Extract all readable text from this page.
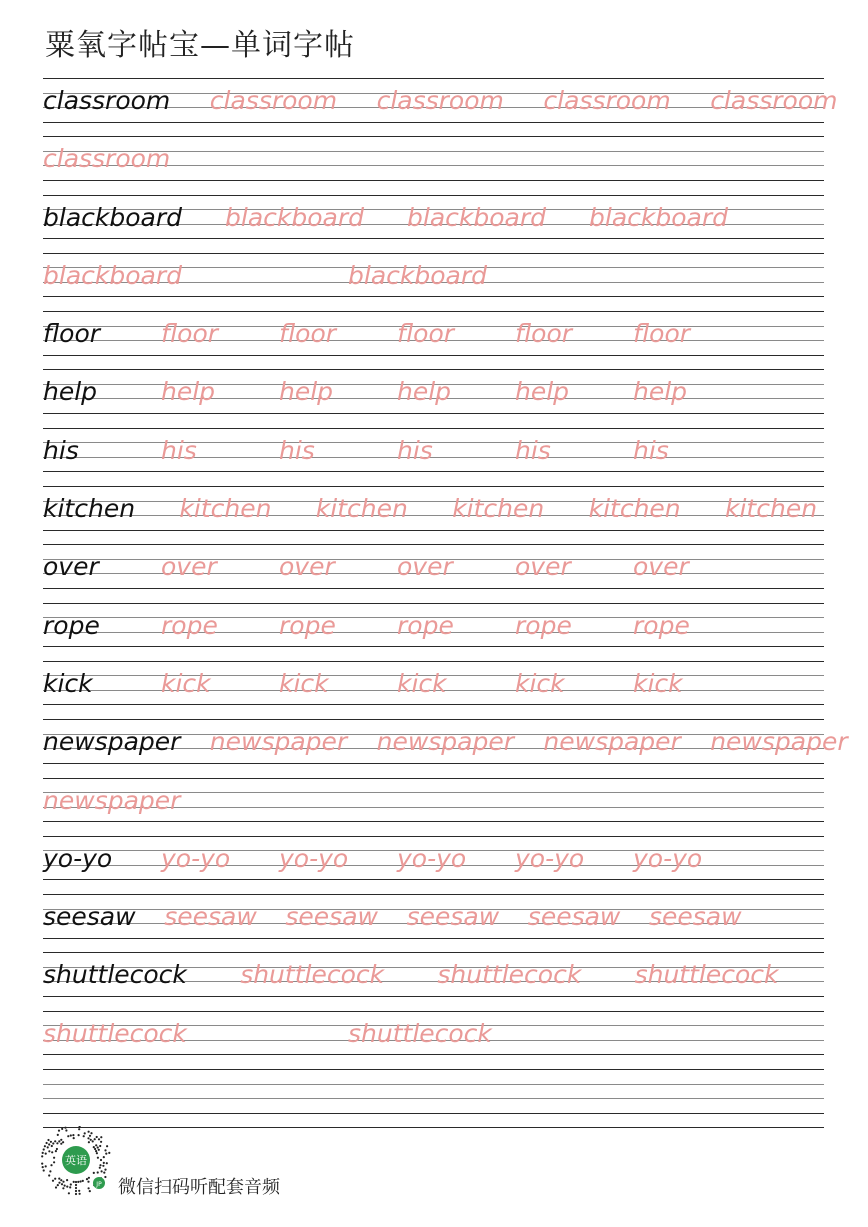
粟氧字帖宝—单词字帖
classroom classroom classroom classroom classroom
classroom
blackboard blackboard blackboard blackboard
blackboard	blackboard
floor floor floor floor floor floor
help	help	help	help	help	help
his	his	his	his	his	his
kitchen kitchen kitchen kitchen kitchen kitchen
over over over over over over
rope rope rope rope rope rope
kick	kick	kick	kick	kick	kick
newspaper newspaper newspaper newspaper newspaper
newspaper
yo-yo yo-yo yo-yo yo-yo yo-yo yo-yo
seesaw seesaw seesaw seesaw seesaw seesaw
shuttlecock shuttlecock shuttlecock shuttlecock
shuttlecock	shuttlecock
英语
JP 微信扫码听配套音频
